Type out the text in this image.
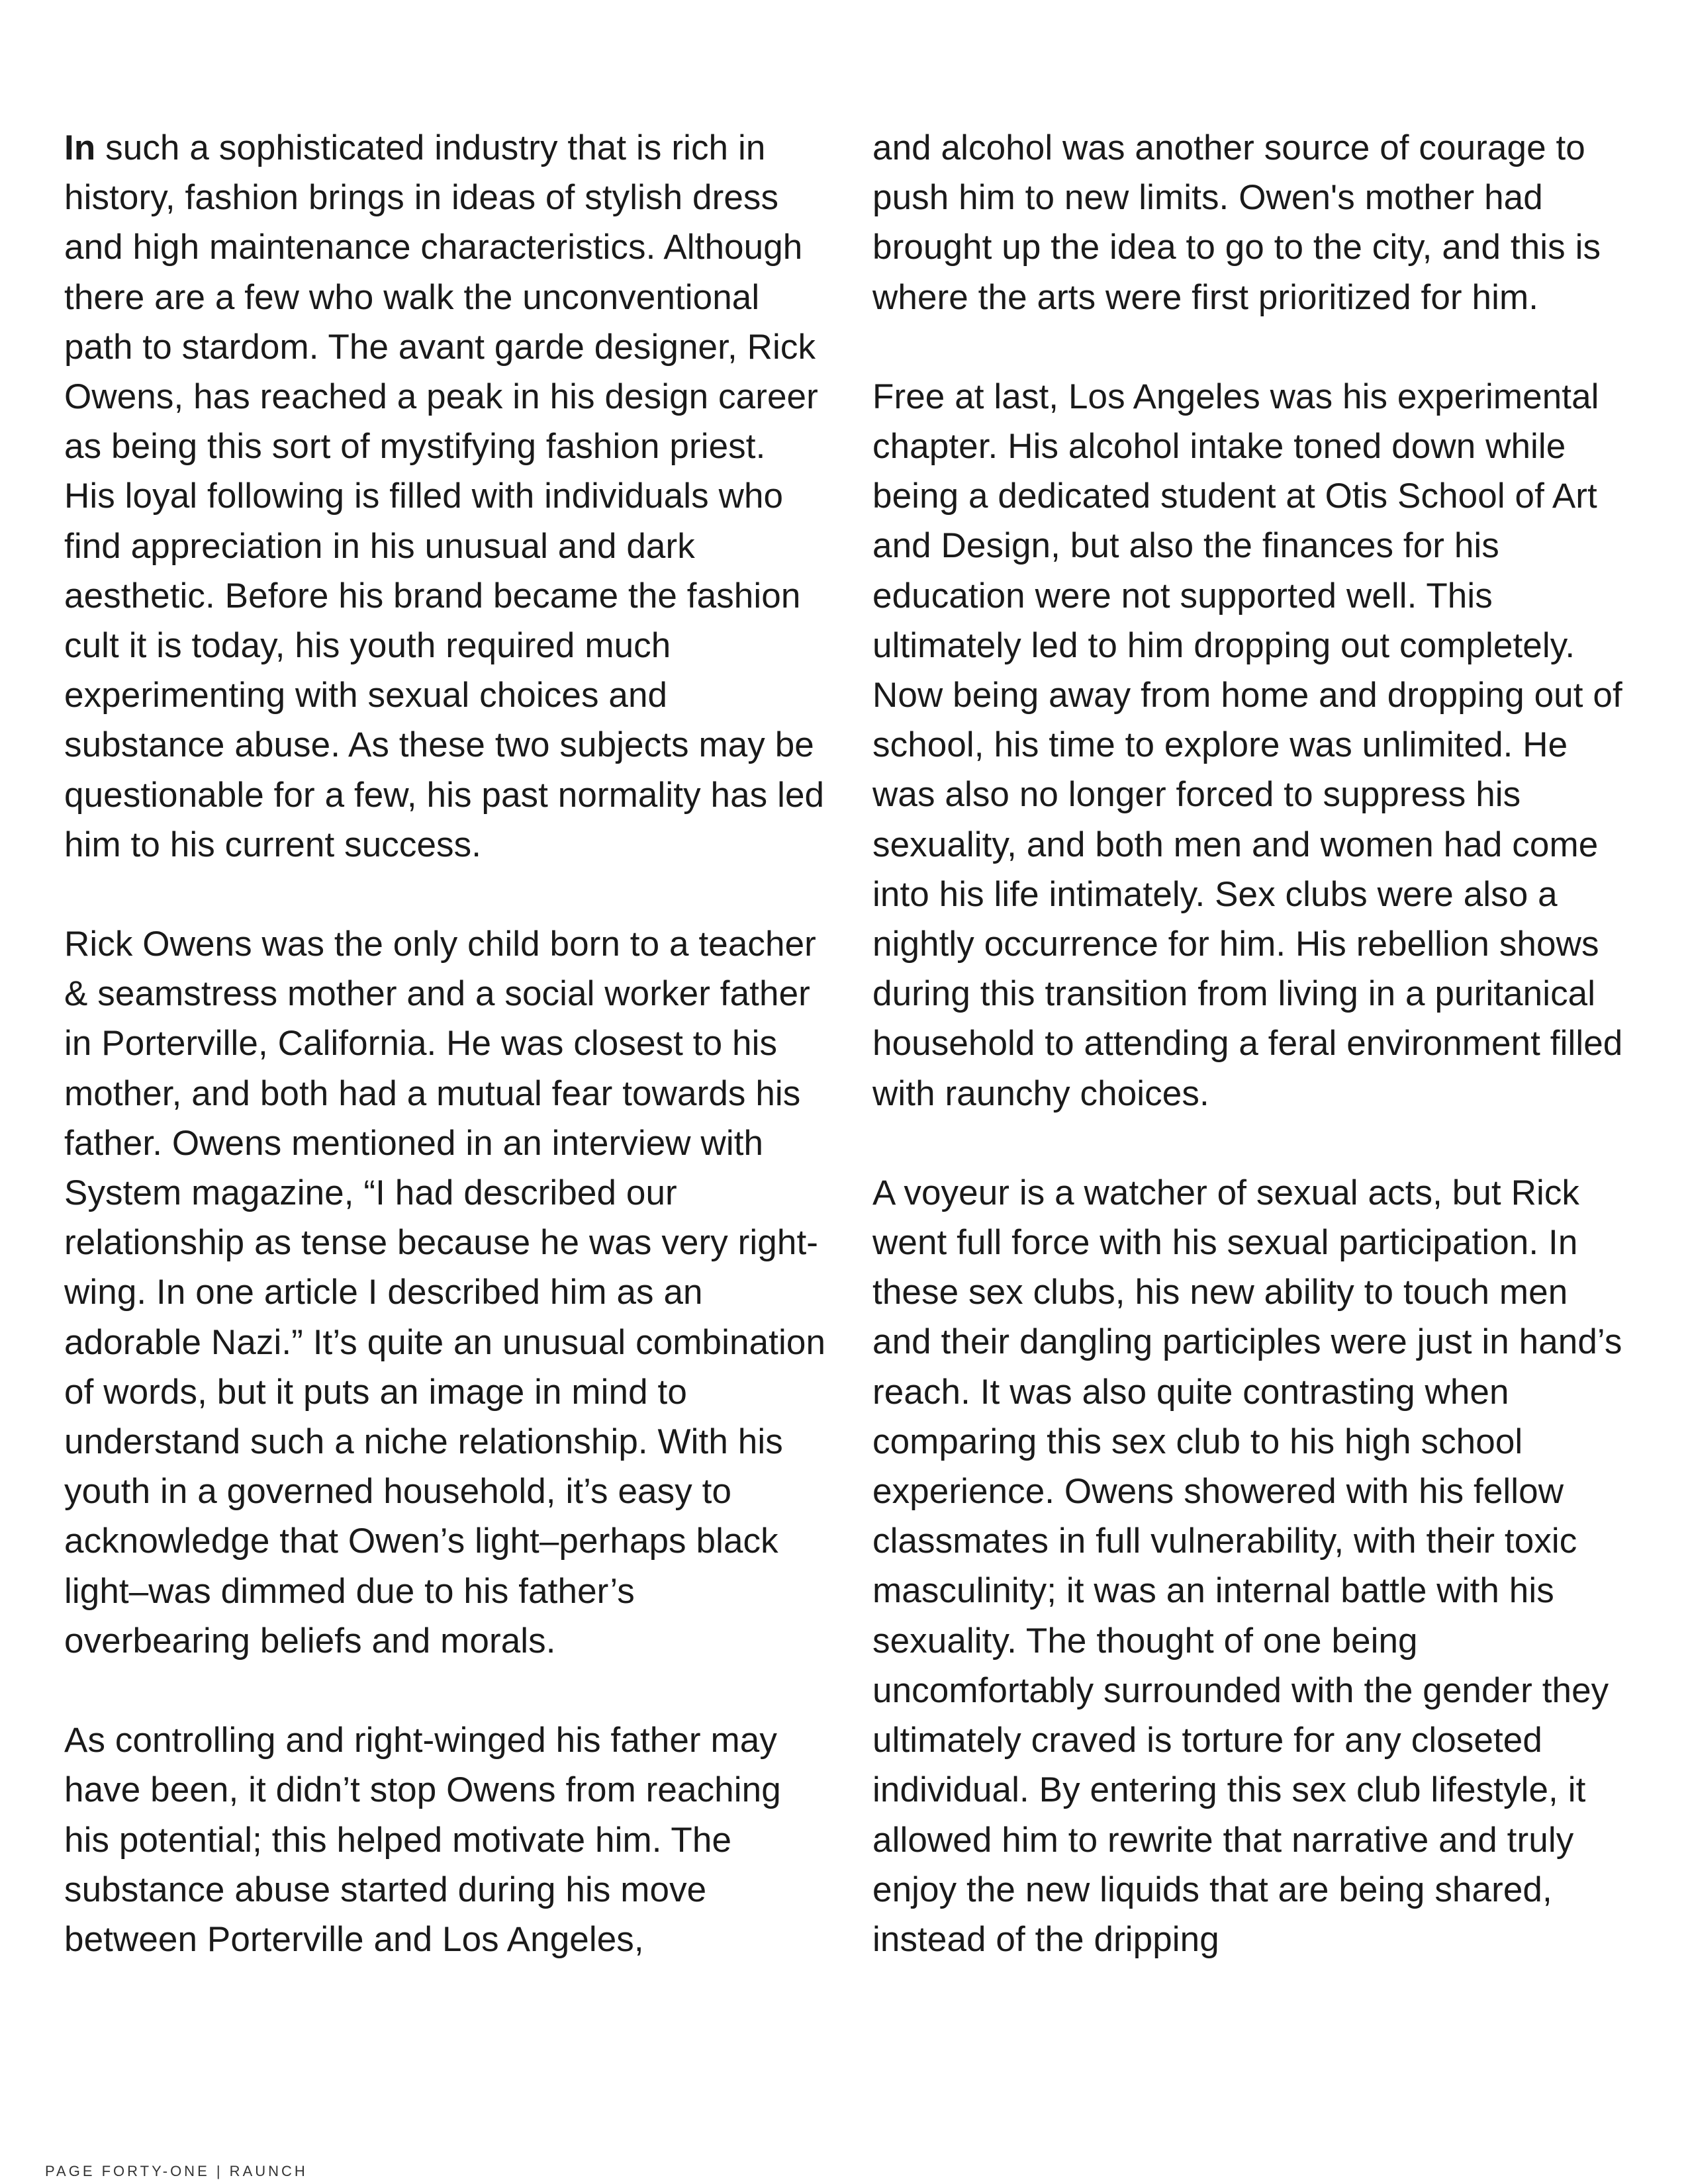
In such a sophisticated industry that is rich in history, fashion brings in ideas of stylish dress and high maintenance characteristics. Although there are a few who walk the unconventional path to stardom. The avant garde designer, Rick Owens, has reached a peak in his design career as being this sort of mystifying fashion priest. His loyal following is filled with individuals who find appreciation in his unusual and dark aesthetic. Before his brand became the fashion cult it is today, his youth required much experimenting with sexual choices and substance abuse. As these two subjects may be questionable for a few, his past normality has led him to his current success.

Rick Owens was the only child born to a teacher & seamstress mother and a social worker father in Porterville, California. He was closest to his mother, and both had a mutual fear towards his father. Owens mentioned in an interview with System magazine, “I had described our relationship as tense because he was very right-wing. In one article I described him as an adorable Nazi.” It’s quite an unusual combination of words, but it puts an image in mind to understand such a niche relationship. With his youth in a governed household, it’s easy to acknowledge that Owen’s light–perhaps black light–was dimmed due to his father’s overbearing beliefs and morals.

As controlling and right-winged his father may have been, it didn’t stop Owens from reaching his potential; this helped motivate him. The substance abuse started during his move between Porterville and Los Angeles,

and alcohol was another source of courage to push him to new limits. Owen's mother had brought up the idea to go to the city, and this is where the arts were first prioritized for him.

Free at last, Los Angeles was his experimental chapter. His alcohol intake toned down while being a dedicated student at Otis School of Art and Design, but also the finances for his education were not supported well. This ultimately led to him dropping out completely. Now being away from home and dropping out of school, his time to explore was unlimited. He was also no longer forced to suppress his sexuality, and both men and women had come into his life intimately. Sex clubs were also a nightly occurrence for him. His rebellion shows during this transition from living in a puritanical household to attending a feral environment filled with raunchy choices.

A voyeur is a watcher of sexual acts, but Rick went full force with his sexual participation. In these sex clubs, his new ability to touch men and their dangling participles were just in hand’s reach. It was also quite contrasting when comparing this sex club to his high school experience. Owens showered with his fellow classmates in full vulnerability, with their toxic masculinity; it was an internal battle with his sexuality. The thought of one being uncomfortably surrounded with the gender they ultimately craved is torture for any closeted individual. By entering this sex club lifestyle, it allowed him to rewrite that narrative and truly enjoy the new liquids that are being shared, instead of the dripping

PAGE FORTY-ONE | RAUNCH
